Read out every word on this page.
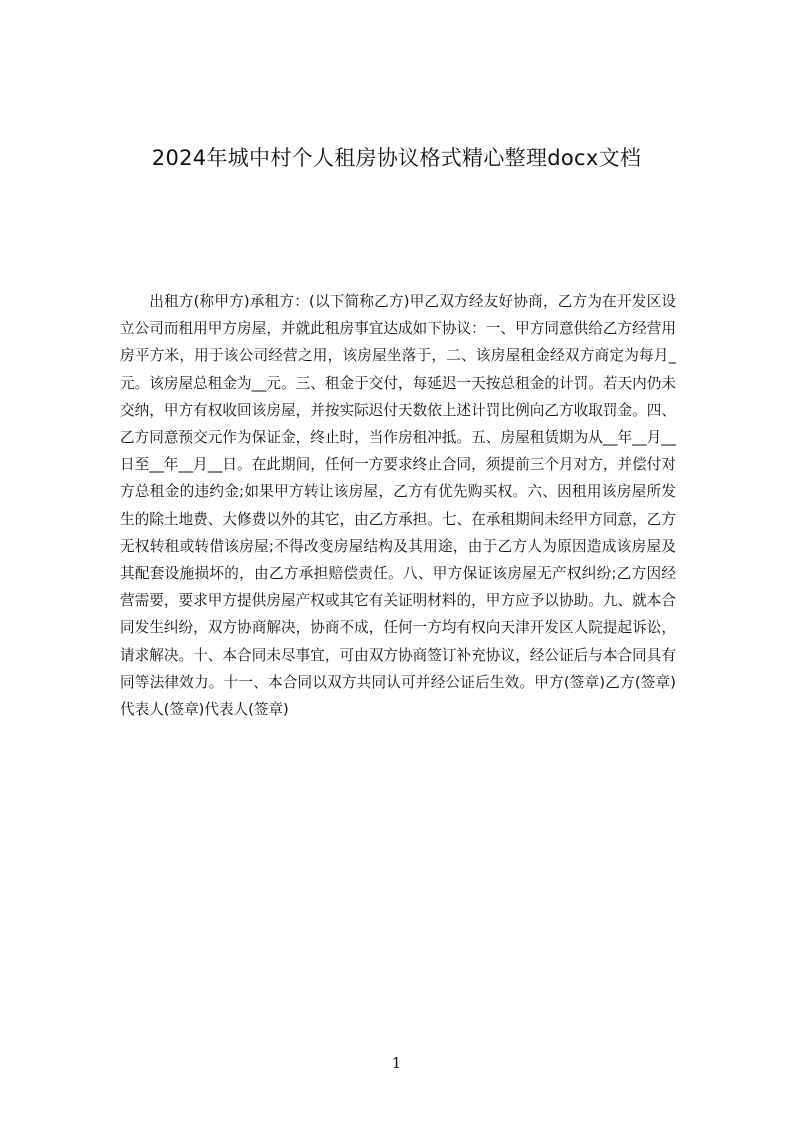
2024年城中村个人租房协议格式精心整理docx文档

出租方(称甲方)承租方：(以下简称乙方)甲乙双方经友好协商，乙方为在开发区设立公司而租用甲方房屋，并就此租房事宜达成如下协议：一、甲方同意供给乙方经营用房平方米，用于该公司经营之用，该房屋坐落于，二、该房屋租金经双方商定为每月_元。该房屋总租金为__元。三、租金于交付，每延迟一天按总租金的计罚。若天内仍未交纳，甲方有权收回该房屋，并按实际迟付天数依上述计罚比例向乙方收取罚金。四、乙方同意预交元作为保证金，终止时，当作房租冲抵。五、房屋租赁期为从__年__月__日至__年__月__日。在此期间，任何一方要求终止合同，须提前三个月对方，并偿付对方总租金的违约金;如果甲方转让该房屋，乙方有优先购买权。六、因租用该房屋所发生的除土地费、大修费以外的其它，由乙方承担。七、在承租期间未经甲方同意，乙方无权转租或转借该房屋;不得改变房屋结构及其用途，由于乙方人为原因造成该房屋及其配套设施损坏的，由乙方承担赔偿责任。八、甲方保证该房屋无产权纠纷;乙方因经营需要，要求甲方提供房屋产权或其它有关证明材料的，甲方应予以协助。九、就本合同发生纠纷，双方协商解决，协商不成，任何一方均有权向天津开发区人院提起诉讼，请求解决。十、本合同未尽事宜，可由双方协商签订补充协议，经公证后与本合同具有同等法律效力。十一、本合同以双方共同认可并经公证后生效。甲方(签章)乙方(签章)代表人(签章)代表人(签章)

1
